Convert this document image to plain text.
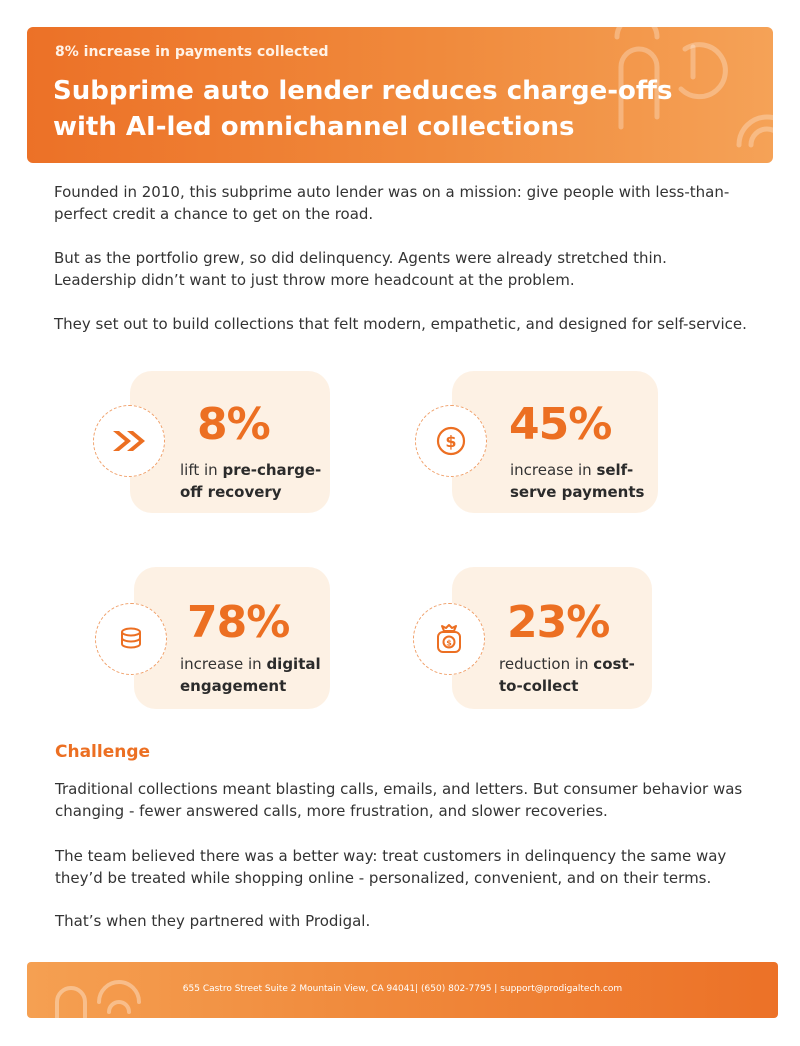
8% increase in payments collected
Subprime auto lender reduces charge-offs with AI-led omnichannel collections

Founded in 2010, this subprime auto lender was on a mission: give people with less-than-perfect credit a chance to get on the road.

But as the portfolio grew, so did delinquency. Agents were already stretched thin. Leadership didn’t want to just throw more headcount at the problem.

They set out to build collections that felt modern, empathetic, and designed for self-service.

8%
lift in pre-charge-off recovery
$ 45%
increase in self-serve payments
78%
increase in digital engagement
$ 23%
reduction in cost-to-collect
Challenge

Traditional collections meant blasting calls, emails, and letters. But consumer behavior was changing - fewer answered calls, more frustration, and slower recoveries.

The team believed there was a better way: treat customers in delinquency the same way they’d be treated while shopping online - personalized, convenient, and on their terms.

That’s when they partnered with Prodigal.

655 Castro Street Suite 2 Mountain View, CA 94041| (650) 802-7795 | support@prodigaltech.com
